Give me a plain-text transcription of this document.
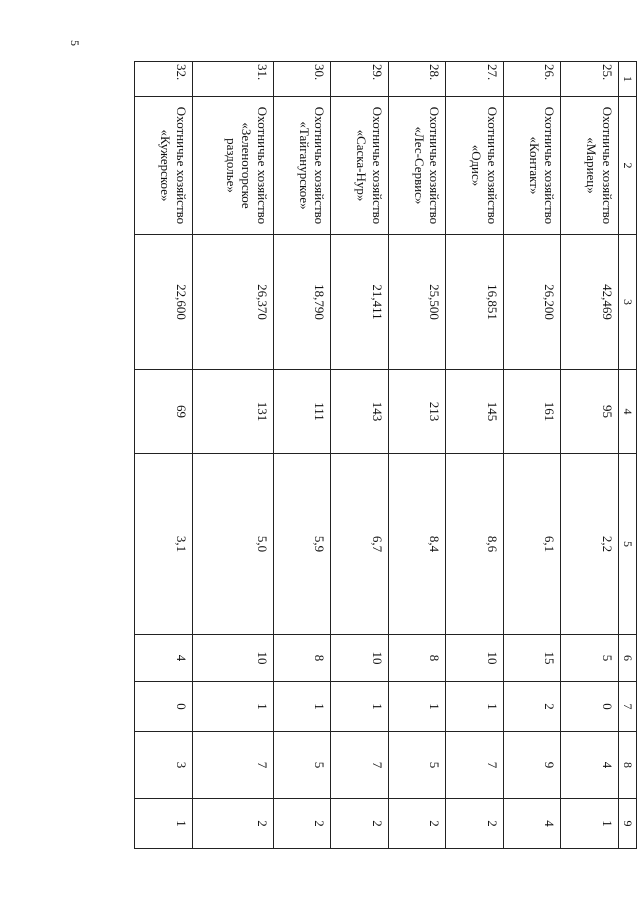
5
1	2	3	4	5	6	7	8	9
25.	Охотничье хозяйство «Мариец»	42,469	95	2,2	5	0	4	1
26.	Охотничье хозяйство «Контакт»	26,200	161	6,1	15	2	9	4
27.	Охотничье хозяйство «Одис»	16,851	145	8,6	10	1	7	2
28.	Охотничье хозяйство «Лес-Сервис»	25,500	213	8,4	8	1	5	2
29.	Охотничье хозяйство «Саска-Нур»	21,411	143	6,7	10	1	7	2
30.	Охотничье хозяйство «Тайганурское»	18,790	111	5,9	8	1	5	2
31.	Охотничье хозяйство «Зеленогорское раздолье»	26,370	131	5,0	10	1	7	2
32.	Охотничье хозяйство «Кужерское»	22,600	69	3,1	4	0	3	1
